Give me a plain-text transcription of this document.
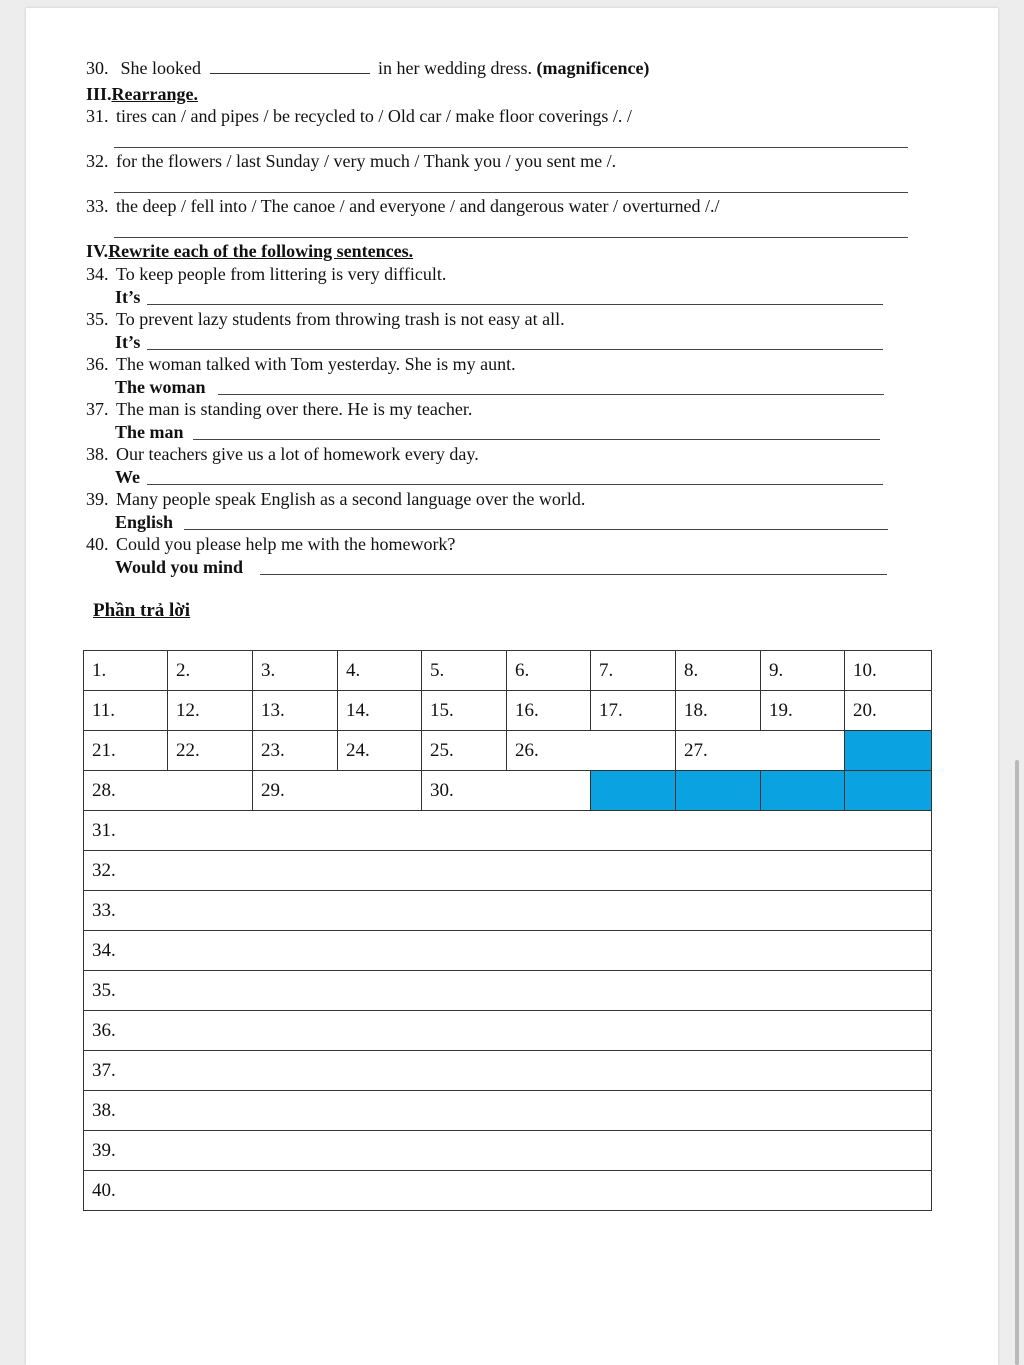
30. She looked	in her wedding dress. (magnificence)
III.Rearrange.
31. tires can / and pipes / be recycled to / Old car / make floor coverings /. /
32. for the flowers / last Sunday / very much / Thank you / you sent me /.
33. the deep / fell into / The canoe / and everyone / and dangerous water / overturned /./
IV.Rewrite each of the following sentences.
34. To keep people from littering is very difficult.
It’s
35. To prevent lazy students from throwing trash is not easy at all.
It’s
36. The woman talked with Tom yesterday. She is my aunt.
The woman
37. The man is standing over there. He is my teacher.
The man
38. Our teachers give us a lot of homework every day.
We
39. Many people speak English as a second language over the world.
English
40. Could you please help me with the homework?
Would you mind
Phần trả lời
1.	2.	3.	4.	5.	6.	7.	8.	9.	10.
11.	12.	13.	14.	15.	16.	17.	18.	19.	20.
21.	22.	23.	24.	25.	26.		27.		
28.		29.		30.					
31.									
32.									
33.									
34.									
35.									
36.									
37.									
38.									
39.									
40.									
